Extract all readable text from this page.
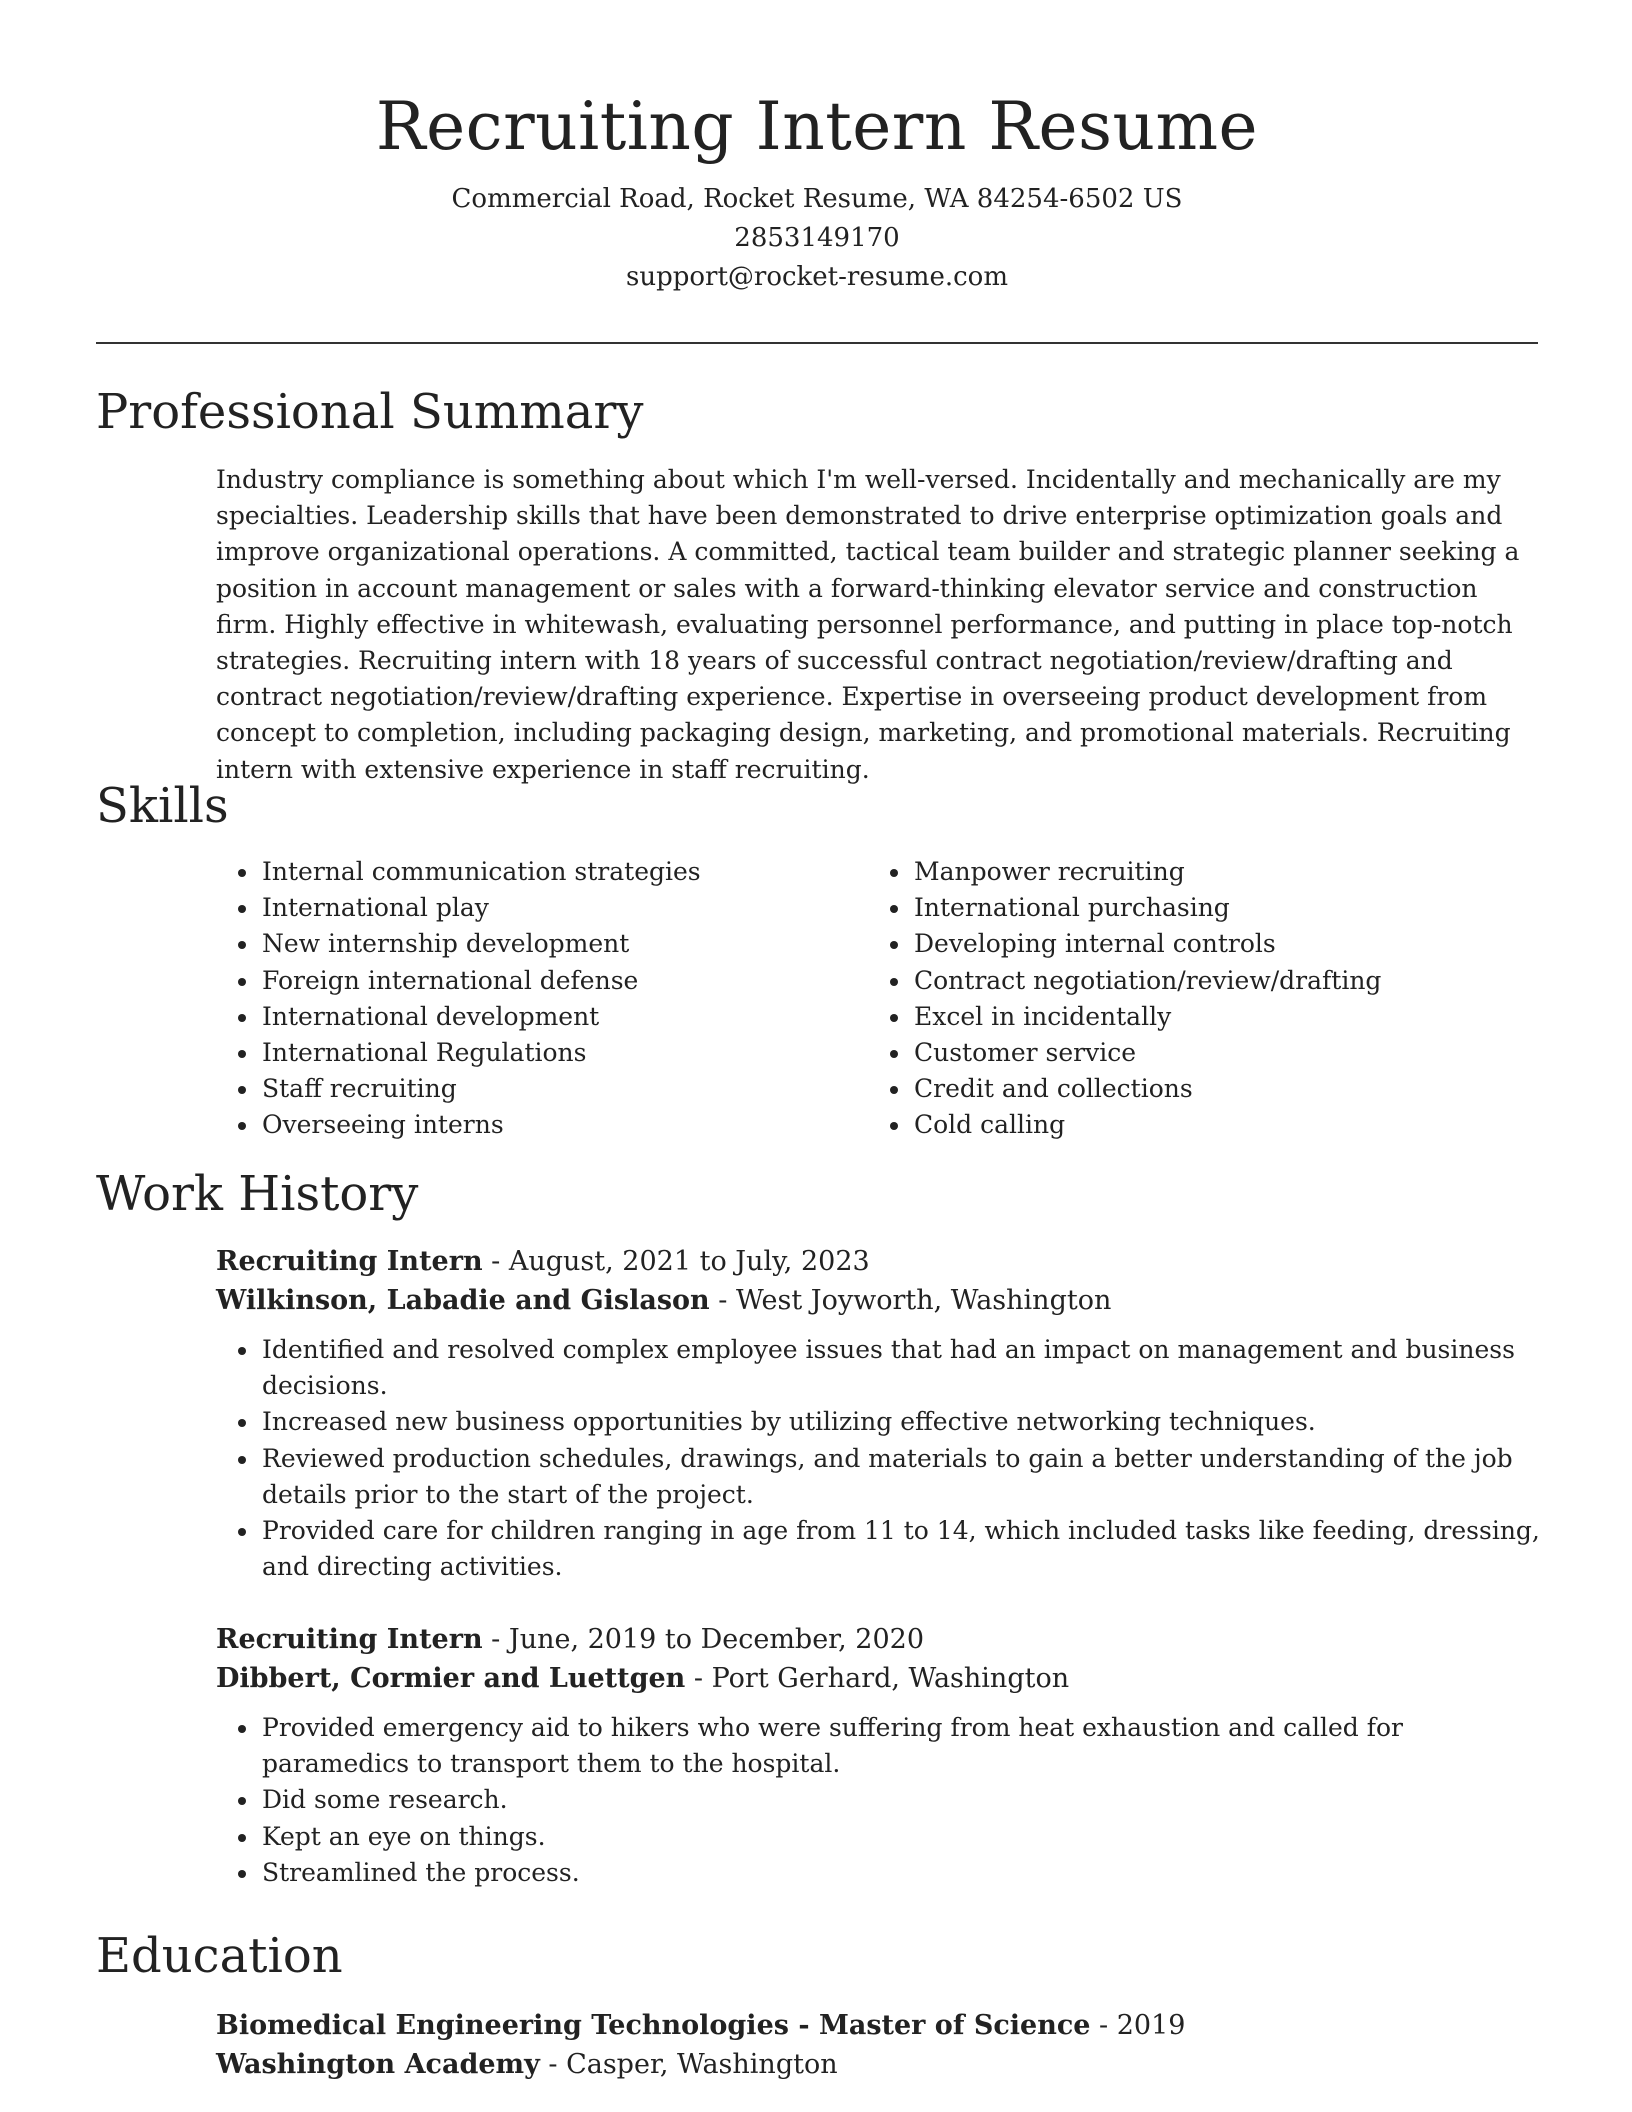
Recruiting Intern Resume

Commercial Road, Rocket Resume, WA 84254-6502 US

2853149170

support@rocket-resume.com

Professional Summary

Industry compliance is something about which I'm well-versed. Incidentally and mechanically are my specialties. Leadership skills that have been demonstrated to drive enterprise optimization goals and improve organizational operations. A committed, tactical team builder and strategic planner seeking a position in account management or sales with a forward-thinking elevator service and construction firm. Highly effective in whitewash, evaluating personnel performance, and putting in place top-notch strategies. Recruiting intern with 18 years of successful contract negotiation/review/drafting and contract negotiation/review/drafting experience. Expertise in overseeing product development from concept to completion, including packaging design, marketing, and promotional materials. Recruiting intern with extensive experience in staff recruiting.

Skills
• Internal communication strategies
• International play
• New internship development
• Foreign international defense
• International development
• International Regulations
• Staff recruiting
• Overseeing interns
• Manpower recruiting
• International purchasing
• Developing internal controls
• Contract negotiation/review/drafting
• Excel in incidentally
• Customer service
• Credit and collections
• Cold calling
Work History

Recruiting Intern - August, 2021 to July, 2023

Wilkinson, Labadie and Gislason - West Joyworth, Washington

• Identified and resolved complex employee issues that had an impact on management and business decisions.
• Increased new business opportunities by utilizing effective networking techniques.
• Reviewed production schedules, drawings, and materials to gain a better understanding of the job details prior to the start of the project.
• Provided care for children ranging in age from 11 to 14, which included tasks like feeding, dressing, and directing activities.

Recruiting Intern - June, 2019 to December, 2020

Dibbert, Cormier and Luettgen - Port Gerhard, Washington

• Provided emergency aid to hikers who were suffering from heat exhaustion and called for paramedics to transport them to the hospital.
• Did some research.
• Kept an eye on things.
• Streamlined the process.
Education

Biomedical Engineering Technologies - Master of Science - 2019

Washington Academy - Casper, Washington
